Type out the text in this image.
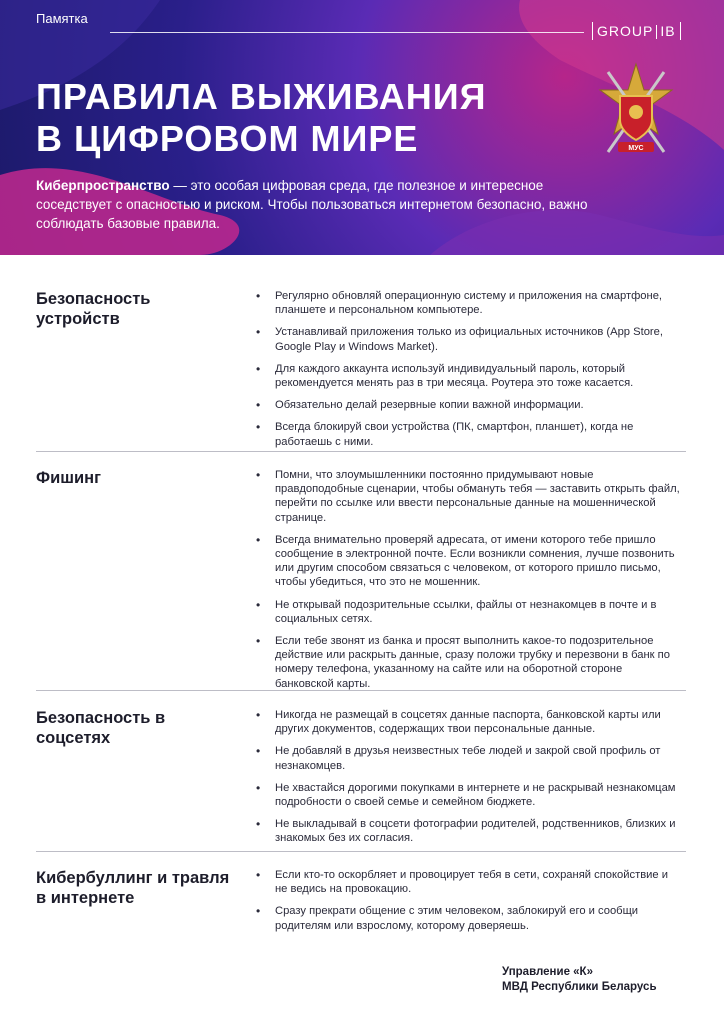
Памятка
GROUP IB
ПРАВИЛА ВЫЖИВАНИЯ
В ЦИФРОВОМ МИРЕ
Киберпространство — это особая цифровая среда, где полезное и интересное соседствует с опасностью и риском. Чтобы пользоваться интернетом безопасно, важно соблюдать базовые правила.
МУС
Безопасность устройств
• Регулярно обновляй операционную систему и приложения на смартфоне, планшете и персональном компьютере.
• Устанавливай приложения только из официальных источников (App Store, Google Play и Windows Market).
• Для каждого аккаунта используй индивидуальный пароль, который рекомендуется менять раз в три месяца. Роутера это тоже касается.
• Обязательно делай резервные копии важной информации.
• Всегда блокируй свои устройства (ПК, смартфон, планшет), когда не работаешь с ними.
Фишинг	• Помни, что злоумышленники постоянно придумывают новые правдоподобные сценарии, чтобы обмануть тебя — заставить открыть файл, перейти по ссылке или ввести персональные данные на мошеннической странице.
• Всегда внимательно проверяй адресата, от имени которого тебе пришло сообщение в электронной почте. Если возникли сомнения, лучше позвонить или другим способом связаться с человеком, от которого пришло письмо, чтобы убедиться, что это не мошенник.
• Не открывай подозрительные ссылки, файлы от незнакомцев в почте и в социальных сетях.
• Если тебе звонят из банка и просят выполнить какое-то подозрительное действие или раскрыть данные, сразу положи трубку и перезвони в банк по номеру телефона, указанному на сайте или на оборотной стороне банковской карты.
Безопасность в соцсетях
• Никогда не размещай в соцсетях данные паспорта, банковской карты или других документов, содержащих твои персональные данные.
• Не добавляй в друзья неизвестных тебе людей и закрой свой профиль от незнакомцев.
• Не хвастайся дорогими покупками в интернете и не раскрывай незнакомцам подробности о своей семье и семейном бюджете.
• Не выкладывай в соцсети фотографии родителей, родственников, близких и знакомых без их согласия.
Кибербуллинг и травля в интернете
• Если кто-то оскорбляет и провоцирует тебя в сети, сохраняй спокойствие и не ведись на провокацию.
• Сразу прекрати общение с этим человеком, заблокируй его и сообщи родителям или взрослому, которому доверяешь.
Управление «К»
МВД Республики Беларусь
